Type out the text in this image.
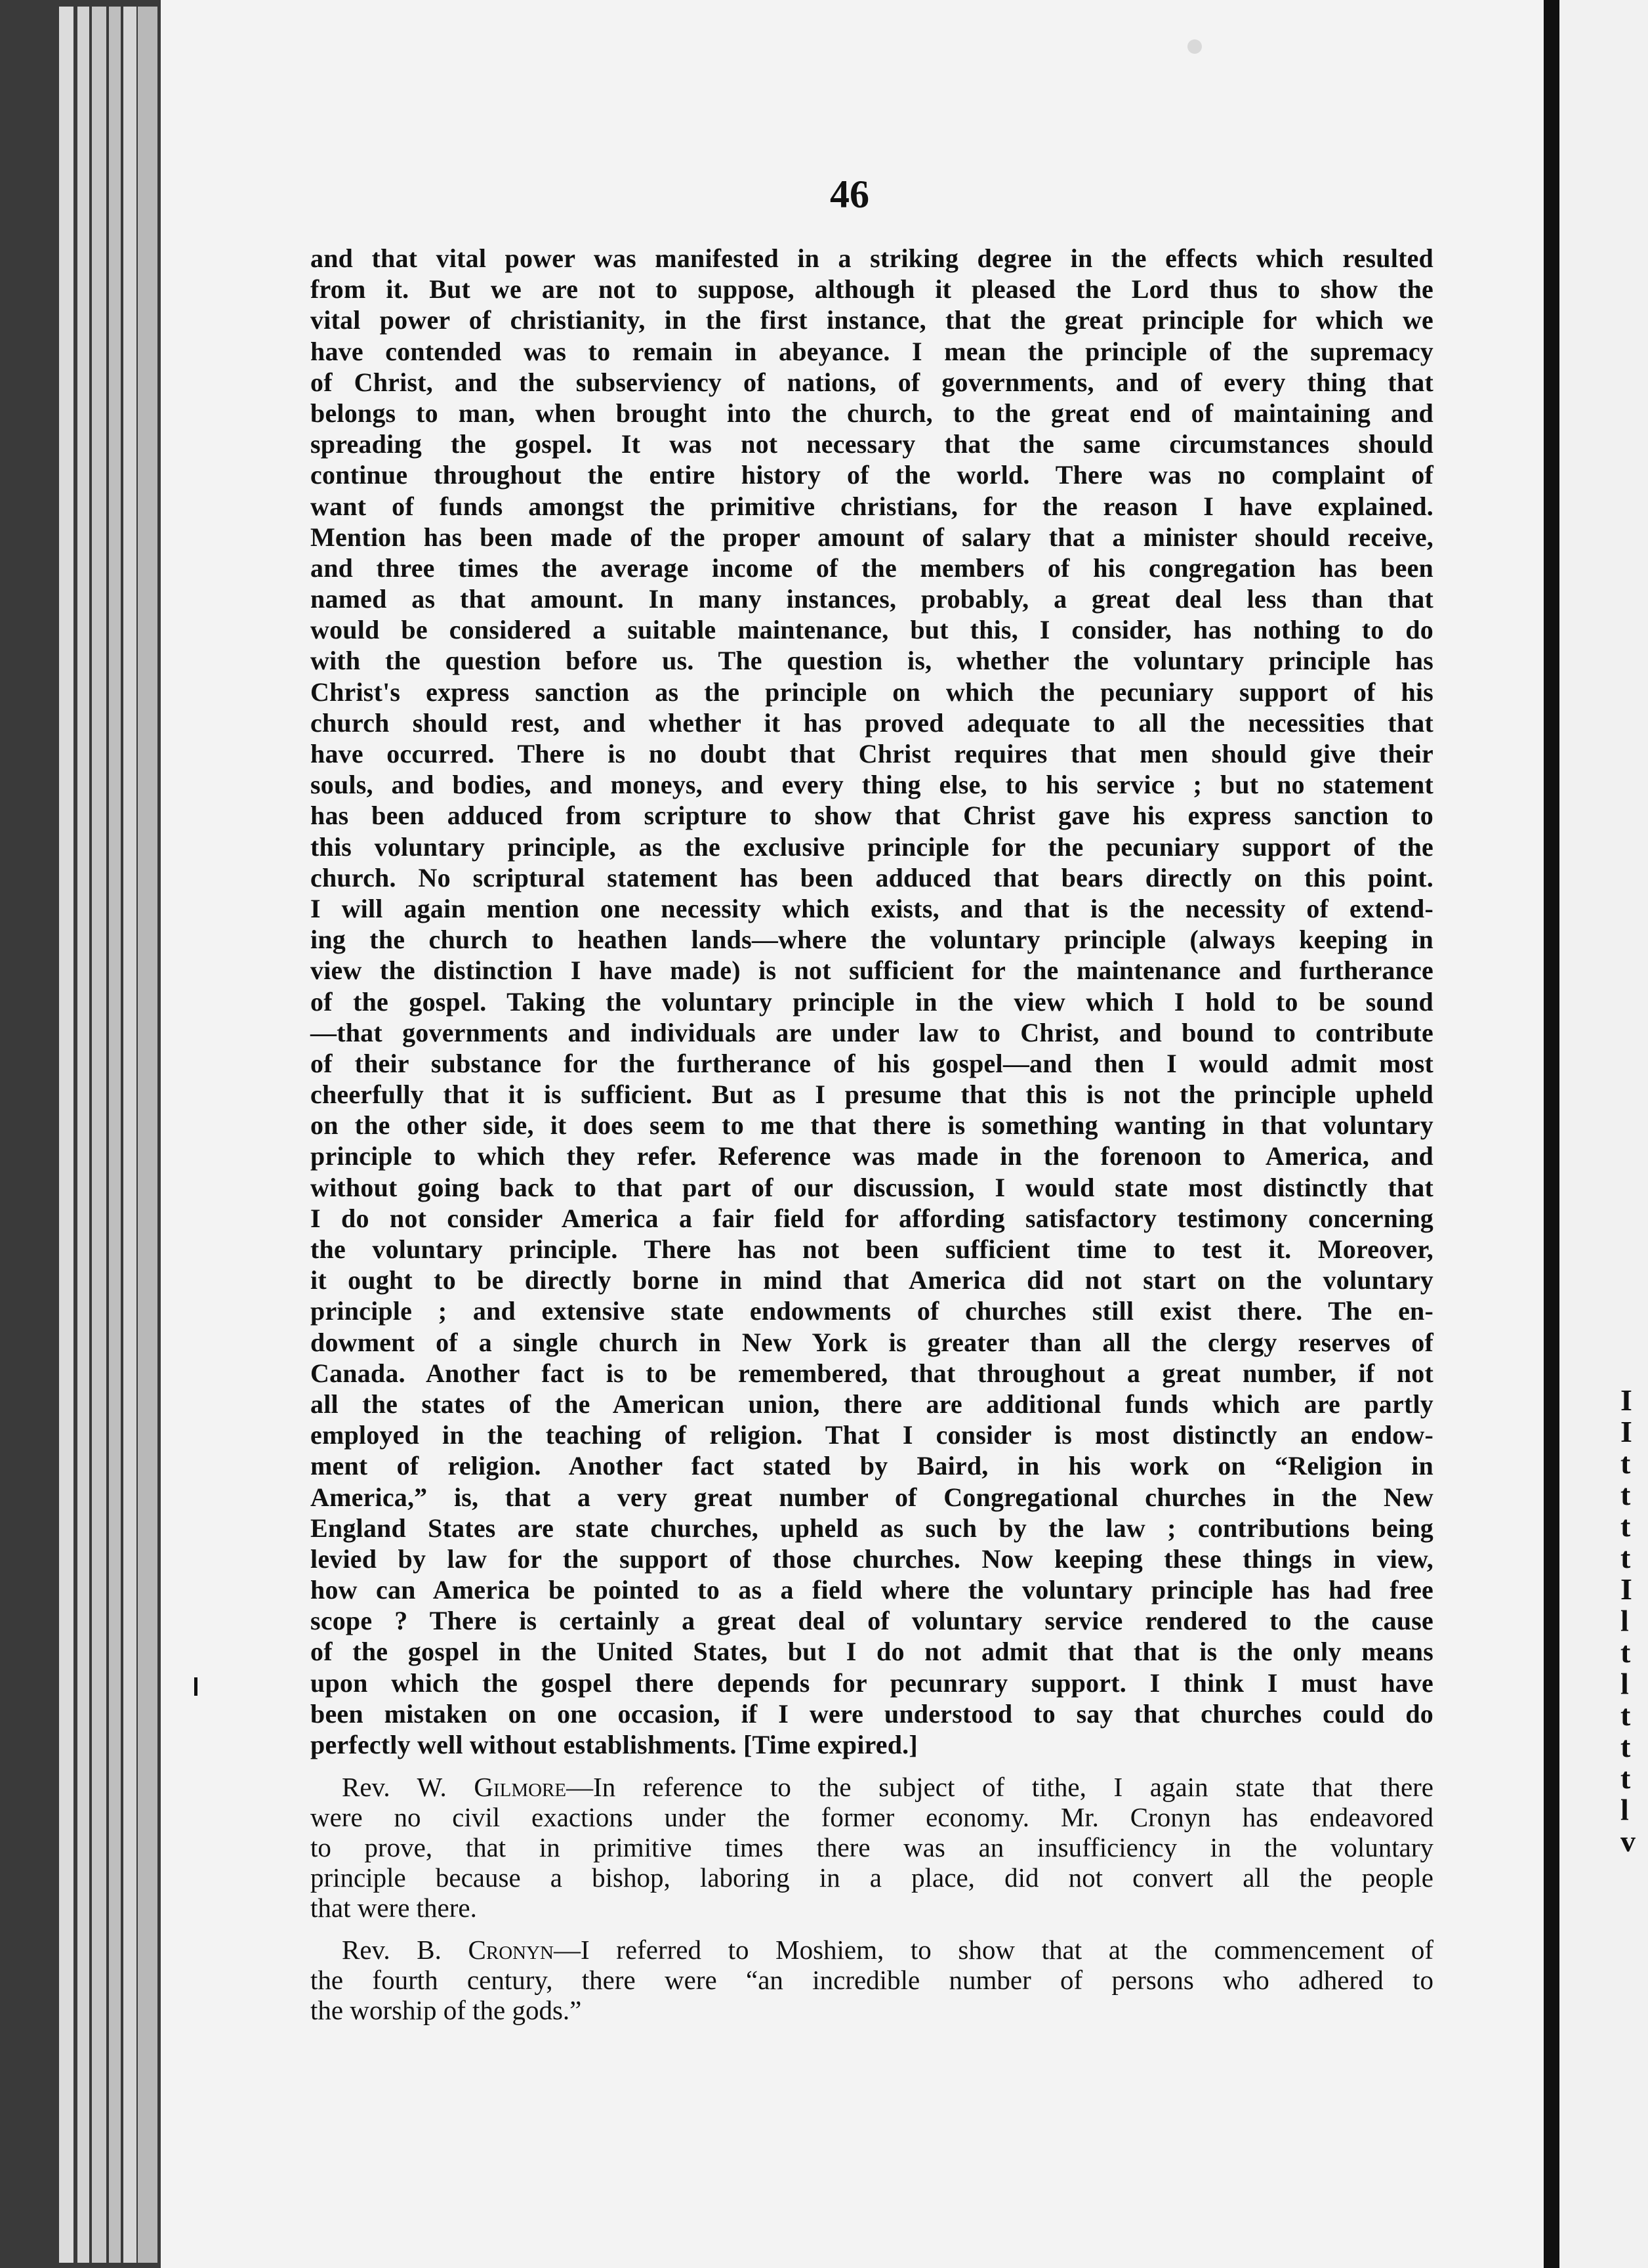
46

and that vital power was manifested in a striking degree in the effects which resulted
from it. But we are not to suppose, although it pleased the Lord thus to show the
vital power of christianity, in the first instance, that the great principle for which we
have contended was to remain in abeyance. I mean the principle of the supremacy
of Christ, and the subserviency of nations, of governments, and of every thing that
belongs to man, when brought into the church, to the great end of maintaining and
spreading the gospel. It was not necessary that the same circumstances should
continue throughout the entire history of the world. There was no complaint of
want of funds amongst the primitive christians, for the reason I have explained.
Mention has been made of the proper amount of salary that a minister should receive,
and three times the average income of the members of his congregation has been
named as that amount. In many instances, probably, a great deal less than that
would be considered a suitable maintenance, but this, I consider, has nothing to do
with the question before us. The question is, whether the voluntary principle has
Christ's express sanction as the principle on which the pecuniary support of his
church should rest, and whether it has proved adequate to all the necessities that
have occurred. There is no doubt that Christ requires that men should give their
souls, and bodies, and moneys, and every thing else, to his service ; but no statement
has been adduced from scripture to show that Christ gave his express sanction to
this voluntary principle, as the exclusive principle for the pecuniary support of the
church. No scriptural statement has been adduced that bears directly on this point.
I will again mention one necessity which exists, and that is the necessity of extend-
ing the church to heathen lands—where the voluntary principle (always keeping in
view the distinction I have made) is not sufficient for the maintenance and furtherance
of the gospel. Taking the voluntary principle in the view which I hold to be sound
—that governments and individuals are under law to Christ, and bound to contribute
of their substance for the furtherance of his gospel—and then I would admit most
cheerfully that it is sufficient. But as I presume that this is not the principle upheld
on the other side, it does seem to me that there is something wanting in that voluntary
principle to which they refer. Reference was made in the forenoon to America, and
without going back to that part of our discussion, I would state most distinctly that
I do not consider America a fair field for affording satisfactory testimony concerning
the voluntary principle. There has not been sufficient time to test it. Moreover,
it ought to be directly borne in mind that America did not start on the voluntary
principle ; and extensive state endowments of churches still exist there. The en-
dowment of a single church in New York is greater than all the clergy reserves of
Canada. Another fact is to be remembered, that throughout a great number, if not
all the states of the American union, there are additional funds which are partly
employed in the teaching of religion. That I consider is most distinctly an endow-
ment of religion. Another fact stated by Baird, in his work on “Religion in
America,” is, that a very great number of Congregational churches in the New
England States are state churches, upheld as such by the law ; contributions being
levied by law for the support of those churches. Now keeping these things in view,
how can America be pointed to as a field where the voluntary principle has had free
scope ? There is certainly a great deal of voluntary service rendered to the cause
of the gospel in the United States, but I do not admit that that is the only means
upon which the gospel there depends for pecunrary support. I think I must have
been mistaken on one occasion, if I were understood to say that churches could do
perfectly well without establishments. [Time expired.]

Rev. W. Gilmore—In reference to the subject of tithe, I again state that there
were no civil exactions under the former economy. Mr. Cronyn has endeavored
to prove, that in primitive times there was an insufficiency in the voluntary
principle because a bishop, laboring in a place, did not convert all the people
that were there.

Rev. B. Cronyn—I referred to Moshiem, to show that at the commencement of
the fourth century, there were “an incredible number of persons who adhered to
the worship of the gods.”

I
I
t
t
t
t
I
l
t
l
t
t
t
l
v
